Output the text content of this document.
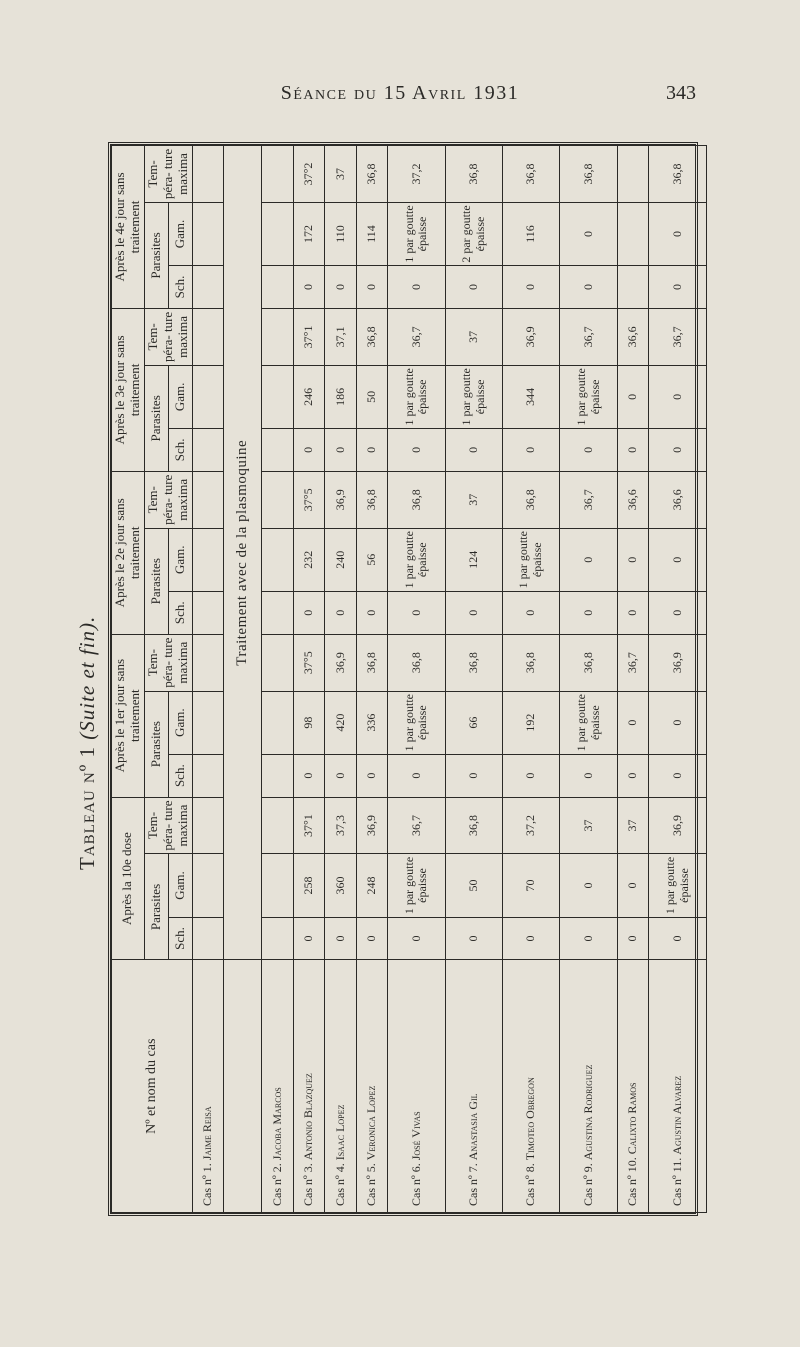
Séance du 15 Avril 1931	343
Tableau nº 1 (Suite et fin).
Nº et nom du cas	Après la 10e dose			Après le 1er jour sans traitement			Après le 2e jour sans traitement			Après le 3e jour sans traitement			Après le 4e jour sans traitement		
	Parasites		Tem- péra- ture maxima	Parasites		Tem- péra- ture maxima	Parasites		Tem- péra- ture maxima	Parasites		Tem- péra- ture maxima	Parasites		Tem- péra- ture maxima
	Sch.	Gam.		Sch.	Gam.		Sch.	Gam.		Sch.	Gam.		Sch.	Gam.	
Cas nº 1. Jaime Reisa															
	Traitement avec de la plasmoquine														
Cas nº 2. Jacoba Marcos															
Cas nº 3. Antonio Blazquez	0	258	37°1	0	98	37°5	0	232	37°5	0	246	37°1	0	172	37°2
Cas nº 4. Isaac Lopez	0	360	37,3	0	420	36,9	0	240	36,9	0	186	37,1	0	110	37
Cas nº 5. Veronica Lopez	0	248	36,9	0	336	36,8	0	56	36,8	0	50	36,8	0	114	36,8
Cas nº 6. José Vivas	0	1 par goutte épaisse	36,7	0	1 par goutte épaisse	36,8	0	1 par goutte épaisse	36,8	0	1 par goutte épaisse	36,7	0	1 par goutte épaisse	37,2
Cas nº 7. Anastasia Gil	0	50	36,8	0	66	36,8	0	124	37	0	1 par goutte épaisse	37	0	2 par goutte épaisse	36,8
Cas nº 8. Timoteo Obregon	0	70	37,2	0	192	36,8	0	1 par goutte épaisse	36,8	0	344	36,9	0	116	36,8
Cas nº 9. Agustina Rodriguez	0	0	37	0	1 par goutte épaisse	36,8	0	0	36,7	0	1 par goutte épaisse	36,7	0	0	36,8
Cas nº 10. Calixto Ramos	0	0	37	0	0	36,7	0	0	36,6	0	0	36,6			
Cas nº 11. Agustin Alvarez	0	1 par goutte épaisse	36,9	0	0	36,9	0	0	36,6	0	0	36,7	0	0	36,8
